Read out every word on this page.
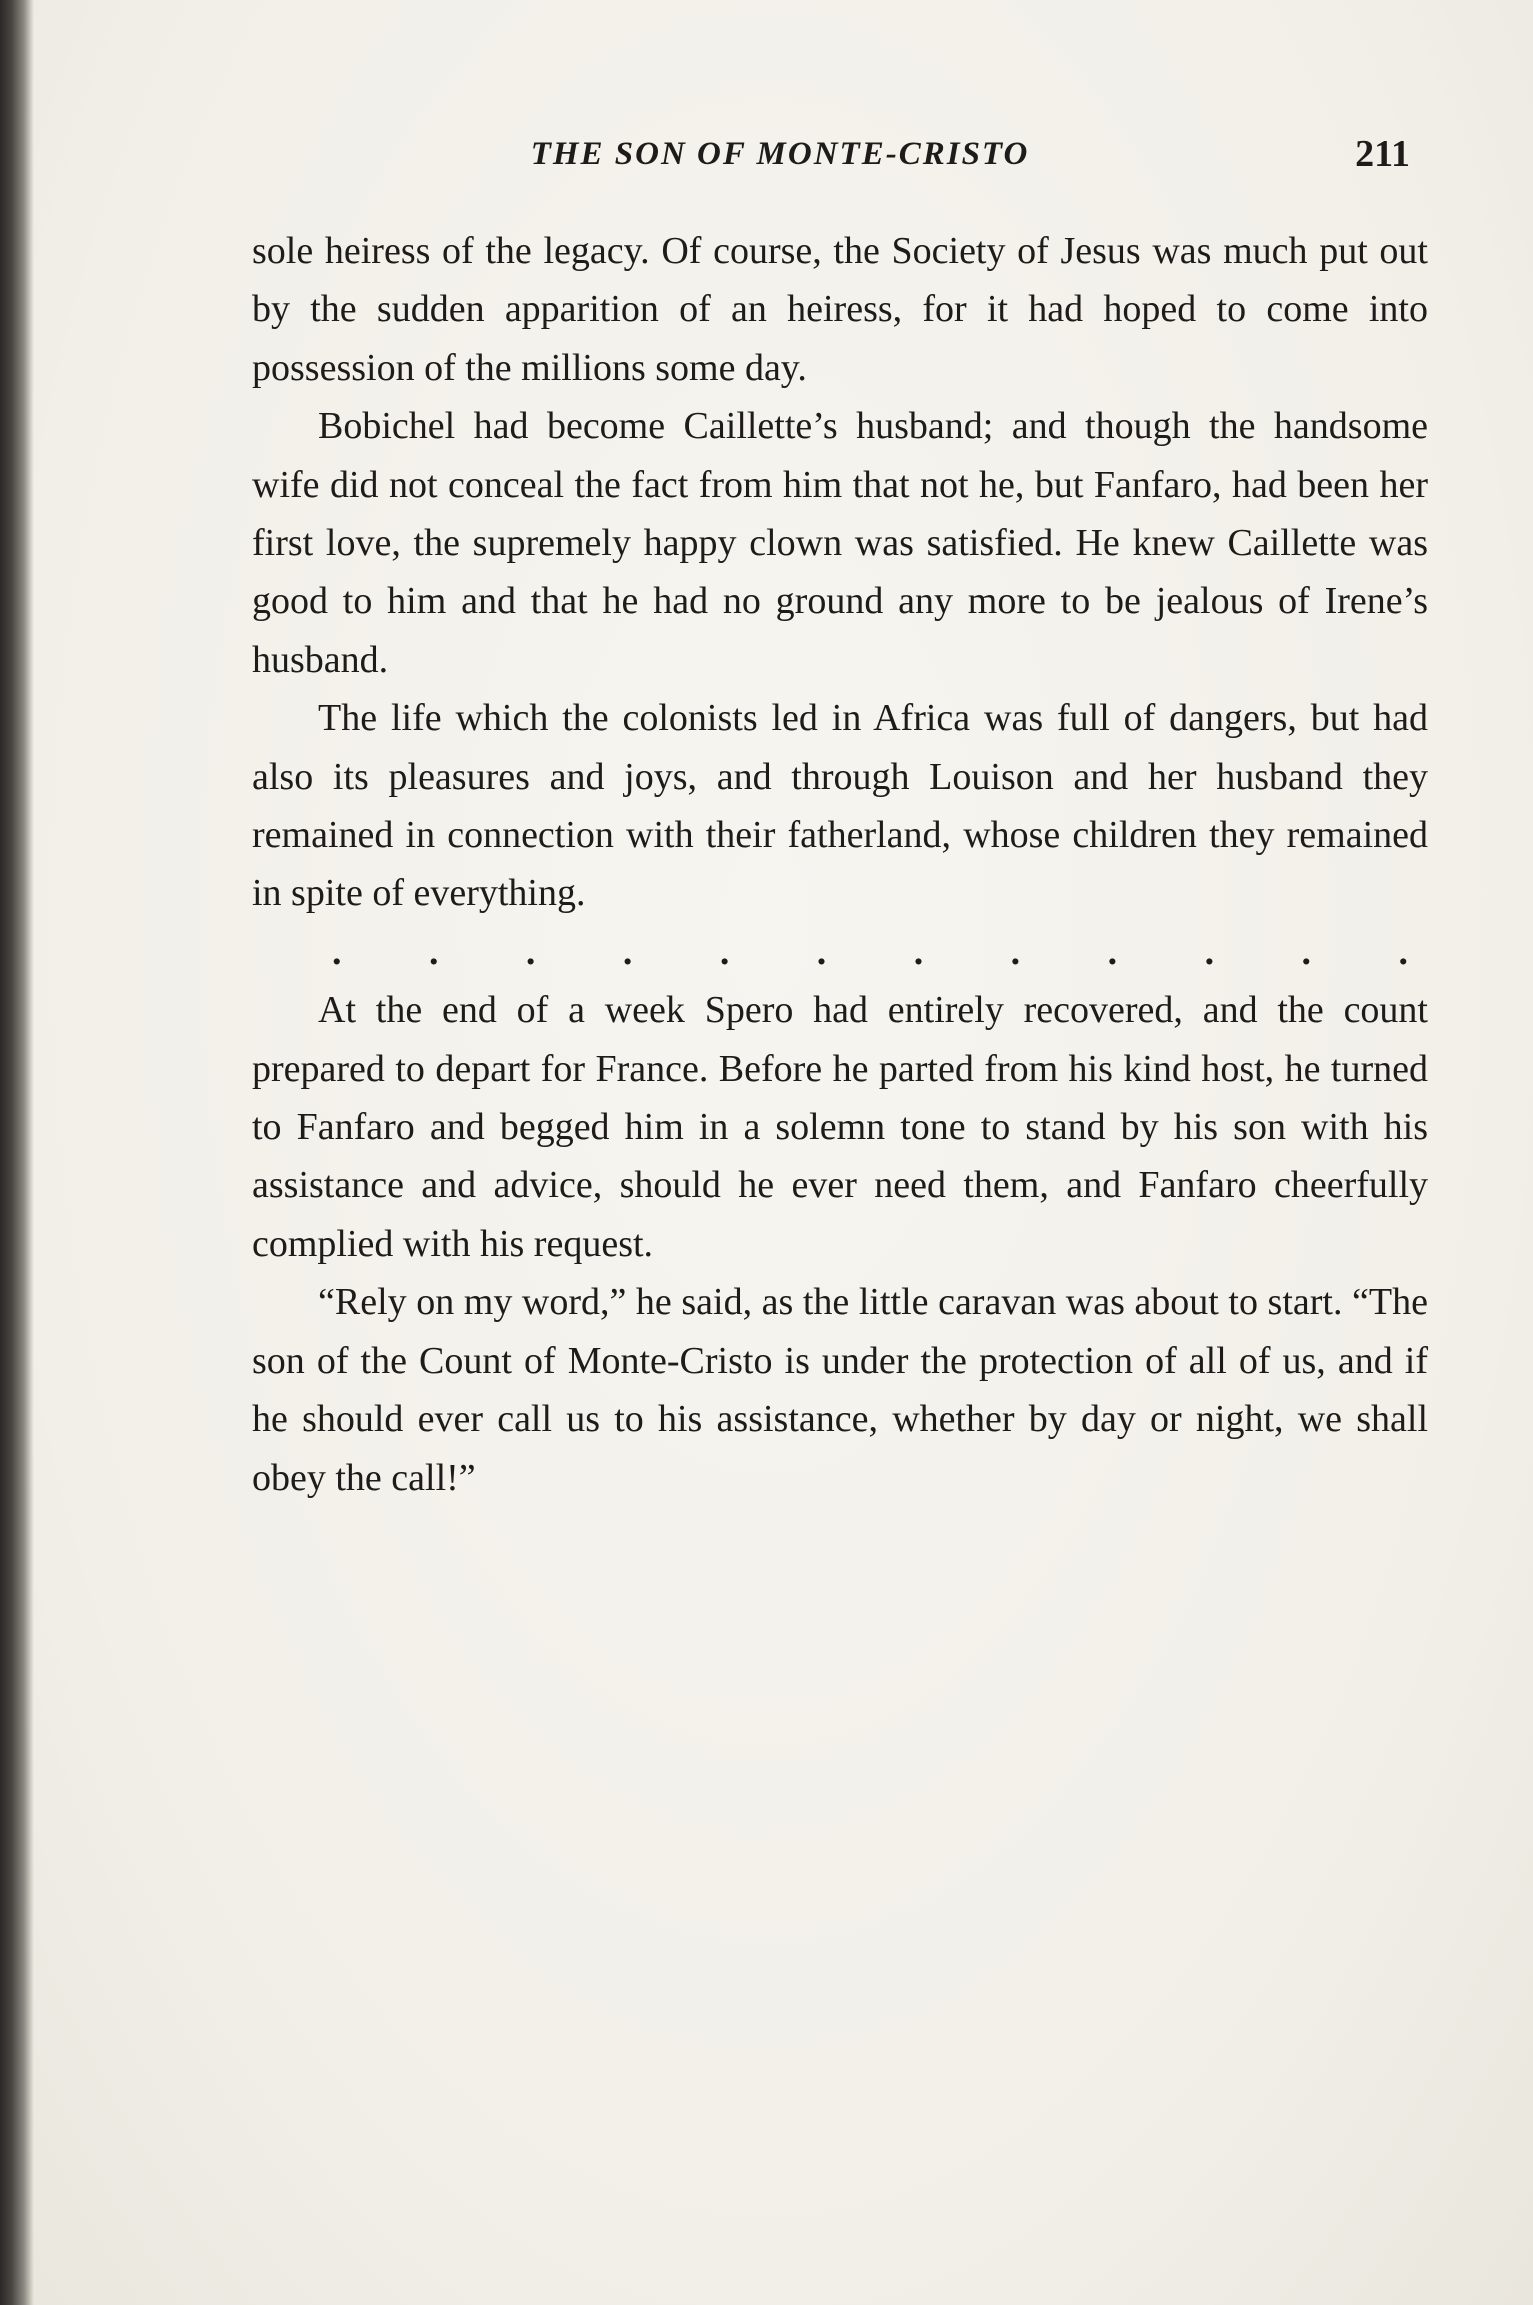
THE SON OF MONTE-CRISTO	211

sole heiress of the legacy. Of course, the Society of Jesus was much put out by the sudden apparition of an heiress, for it had hoped to come into possession of the millions some day.

Bobichel had become Caillette’s husband; and though the handsome wife did not conceal the fact from him that not he, but Fanfaro, had been her first love, the supremely happy clown was satisfied. He knew Caillette was good to him and that he had no ground any more to be jealous of Irene’s husband.

The life which the colonists led in Africa was full of dangers, but had also its pleasures and joys, and through Louison and her husband they remained in connection with their fatherland, whose children they remained in spite of everything.

. . . . . . . . . . . .

At the end of a week Spero had entirely recovered, and the count prepared to depart for France. Before he parted from his kind host, he turned to Fanfaro and begged him in a solemn tone to stand by his son with his assistance and advice, should he ever need them, and Fanfaro cheerfully complied with his request.

“Rely on my word,” he said, as the little caravan was about to start. “The son of the Count of Monte-Cristo is under the protection of all of us, and if he should ever call us to his assistance, whether by day or night, we shall obey the call!”
